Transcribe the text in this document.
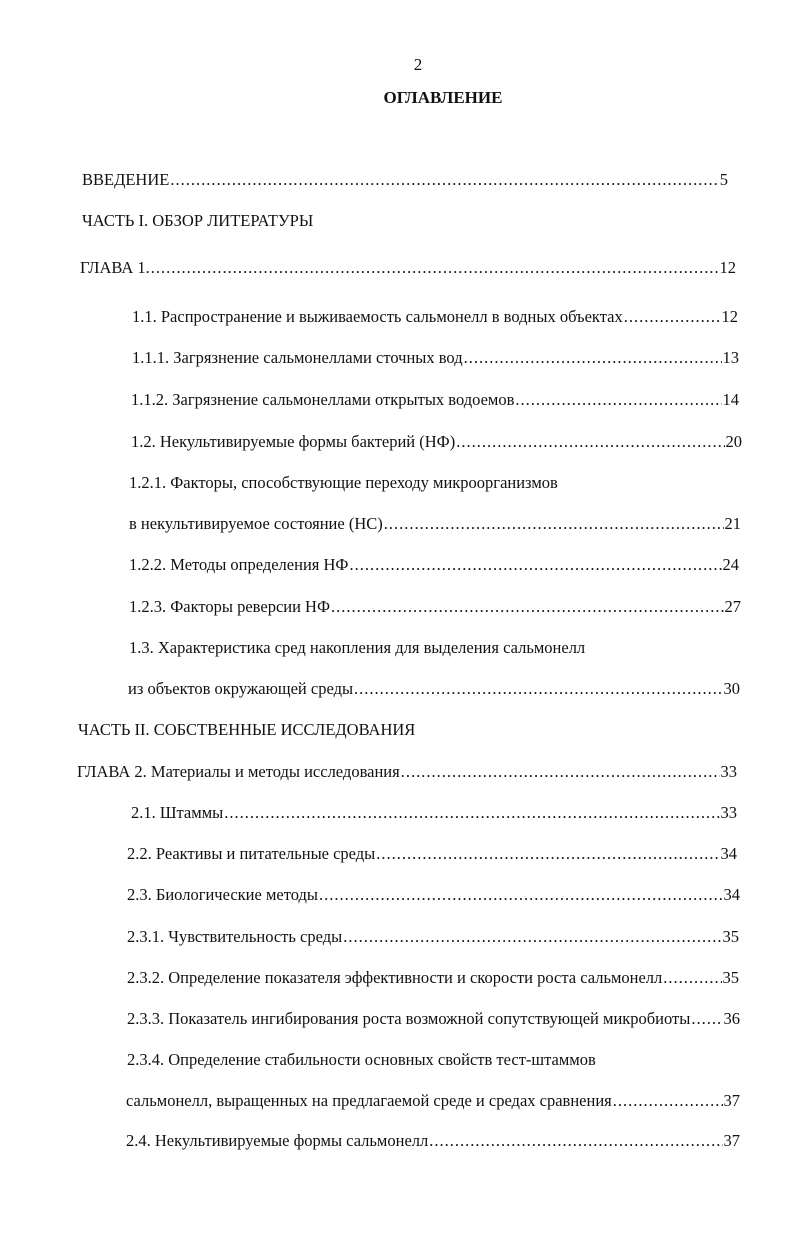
2
ОГЛАВЛЕНИЕ
ВВЕДЕНИЕ .....	5
ЧАСТЬ I. ОБЗОР ЛИТЕРАТУРЫ
ГЛАВА 1. .....	12
1.1. Распространение и выживаемость сальмонелл в водных объектах .....	12
1.1.1. Загрязнение сальмонеллами сточных вод .....	13
1.1.2. Загрязнение сальмонеллами открытых водоемов .....	14
1.2. Некультивируемые формы бактерий (НФ) .....	20
1.2.1. Факторы, способствующие переходу микроорганизмов
в некультивируемое состояние (НС) .....	21
1.2.2. Методы определения НФ .....	24
1.2.3. Факторы реверсии НФ .....	27
1.3. Характеристика сред накопления для выделения сальмонелл
из объектов окружающей среды .....	30
ЧАСТЬ II. СОБСТВЕННЫЕ ИССЛЕДОВАНИЯ
ГЛАВА 2. Материалы и методы исследования .....	33
2.1. Штаммы .....	33
2.2. Реактивы и питательные среды .....	34
2.3. Биологические методы .....	34
2.3.1. Чувствительность среды .....	35
2.3.2. Определение показателя эффективности и скорости роста сальмонелл .....	35
2.3.3. Показатель ингибирования роста возможной сопутствующей микробиоты ..... 36
2.3.4. Определение стабильности основных свойств тест-штаммов
сальмонелл, выращенных на предлагаемой среде и средах сравнения .....	37
2.4. Некультивируемые формы сальмонелл .....	37
